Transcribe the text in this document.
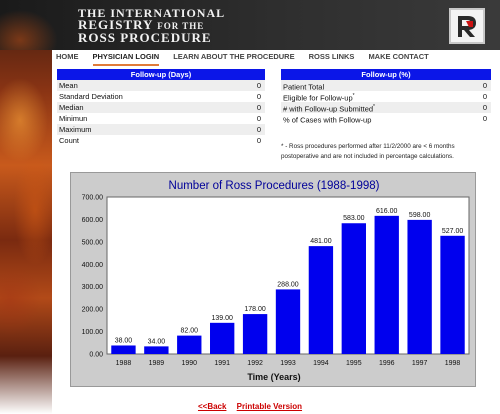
THE INTERNATIONAL
REGISTRY FOR THE
ROSS PROCEDURE
HOME PHYSICIAN LOGIN LEARN ABOUT THE PROCEDURE ROSS LINKS MAKE CONTACT
Follow-up (Days)
Mean	0
Standard Deviation	0
Median	0
Minimun	0
Maximum	0
Count	0
Follow-up (%)
Patient Total	0
Eligible for Follow-up*	0
# with Follow-up Submitted*	0
% of Cases with Follow-up	0
* - Ross procedures performed after 11/2/2000 are < 6 months
postoperative and are not included in percentage calculations.
Number of Ross Procedures (1988-1998)
0.00
100.00
200.00
300.00
400.00
500.00
600.00
700.00
38.00
1988
34.00
1989
82.00
1990
139.00
1991
178.00
1992
288.00
1993
481.00
1994
583.00
1995
616.00
1996
598.00
1997
527.00
1998
Time (Years)
<<Back Printable Version
